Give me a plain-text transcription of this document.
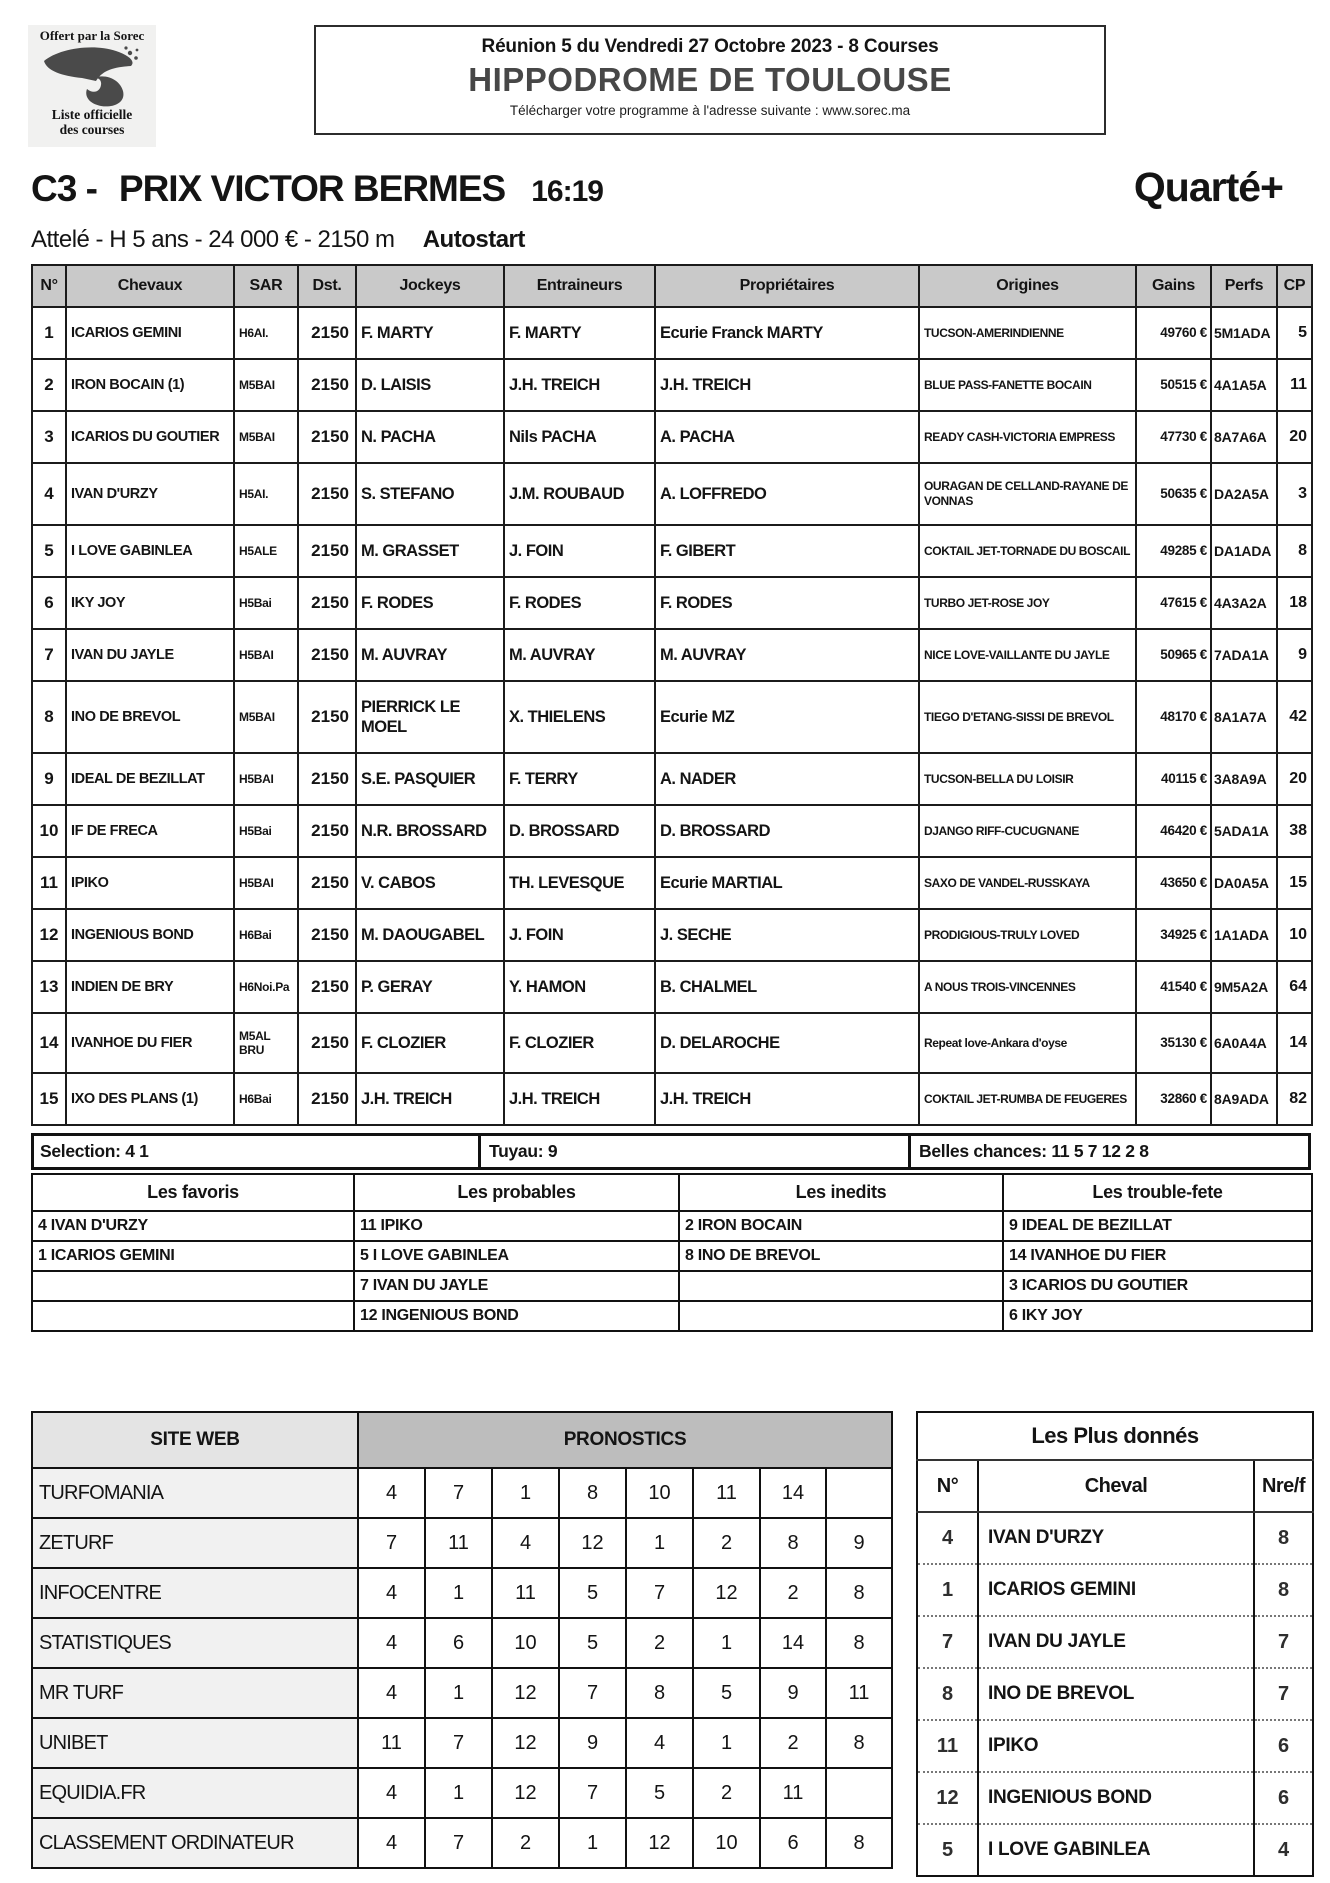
Offert par la Sorec
Liste officielle
des courses
Réunion 5 du Vendredi 27 Octobre 2023 - 8 Courses
HIPPODROME DE TOULOUSE
Télécharger votre programme à l'adresse suivante : www.sorec.ma
C3 - PRIX VICTOR BERMES 16:19	Quarté+
Attelé - H 5 ans - 24 000 € - 2150 m Autostart
N°	Chevaux	SAR	Dst.	Jockeys	Entraineurs	Propriétaires	Origines	Gains	Perfs	CP
1	ICARIOS GEMINI	H6AI.	2150	F. MARTY	F. MARTY	Ecurie Franck MARTY	TUCSON-AMERINDIENNE	49760 €	5M1ADA	5
2	IRON BOCAIN (1)	M5BAI	2150	D. LAISIS	J.H. TREICH	J.H. TREICH	BLUE PASS-FANETTE BOCAIN	50515 €	4A1A5A	11
3	ICARIOS DU GOUTIER	M5BAI	2150	N. PACHA	Nils PACHA	A. PACHA	READY CASH-VICTORIA EMPRESS	47730 €	8A7A6A	20
4	IVAN D'URZY	H5AI.	2150	S. STEFANO	J.M. ROUBAUD	A. LOFFREDO	OURAGAN DE CELLAND-RAYANE DE VONNAS	50635 €	DA2A5A	3
5	I LOVE GABINLEA	H5ALE	2150	M. GRASSET	J. FOIN	F. GIBERT	COKTAIL JET-TORNADE DU BOSCAIL	49285 €	DA1ADA	8
6	IKY JOY	H5Bai	2150	F. RODES	F. RODES	F. RODES	TURBO JET-ROSE JOY	47615 €	4A3A2A	18
7	IVAN DU JAYLE	H5BAI	2150	M. AUVRAY	M. AUVRAY	M. AUVRAY	NICE LOVE-VAILLANTE DU JAYLE	50965 €	7ADA1A	9
8	INO DE BREVOL	M5BAI	2150	PIERRICK LE MOEL	X. THIELENS	Ecurie MZ	TIEGO D'ETANG-SISSI DE BREVOL	48170 €	8A1A7A	42
9	IDEAL DE BEZILLAT	H5BAI	2150	S.E. PASQUIER	F. TERRY	A. NADER	TUCSON-BELLA DU LOISIR	40115 €	3A8A9A	20
10	IF DE FRECA	H5Bai	2150	N.R. BROSSARD	D. BROSSARD	D. BROSSARD	DJANGO RIFF-CUCUGNANE	46420 €	5ADA1A	38
11	IPIKO	H5BAI	2150	V. CABOS	TH. LEVESQUE	Ecurie MARTIAL	SAXO DE VANDEL-RUSSKAYA	43650 €	DA0A5A	15
12	INGENIOUS BOND	H6Bai	2150	M. DAOUGABEL	J. FOIN	J. SECHE	PRODIGIOUS-TRULY LOVED	34925 €	1A1ADA	10
13	INDIEN DE BRY	H6Noi.Pa	2150	P. GERAY	Y. HAMON	B. CHALMEL	A NOUS TROIS-VINCENNES	41540 €	9M5A2A	64
14	IVANHOE DU FIER	M5AL BRU	2150	F. CLOZIER	F. CLOZIER	D. DELAROCHE	Repeat love-Ankara d'oyse	35130 €	6A0A4A	14
15	IXO DES PLANS (1)	H6Bai	2150	J.H. TREICH	J.H. TREICH	J.H. TREICH	COKTAIL JET-RUMBA DE FEUGERES	32860 €	8A9ADA	82
Selection: 4 1	Tuyau: 9	Belles chances: 11 5 7 12 2 8
Les favoris	Les probables	Les inedits	Les trouble-fete
4 IVAN D'URZY	11 IPIKO	2 IRON BOCAIN	9 IDEAL DE BEZILLAT
1 ICARIOS GEMINI	5 I LOVE GABINLEA	8 INO DE BREVOL	14 IVANHOE DU FIER
	7 IVAN DU JAYLE		3 ICARIOS DU GOUTIER
	12 INGENIOUS BOND		6 IKY JOY
SITE WEB	PRONOSTICS							
TURFOMANIA	4	7	1	8	10	11	14	
ZETURF	7	11	4	12	1	2	8	9
INFOCENTRE	4	1	11	5	7	12	2	8
STATISTIQUES	4	6	10	5	2	1	14	8
MR TURF	4	1	12	7	8	5	9	11
UNIBET	11	7	12	9	4	1	2	8
EQUIDIA.FR	4	1	12	7	5	2	11	
CLASSEMENT ORDINATEUR	4	7	2	1	12	10	6	8
Les Plus donnés		
N°	Cheval	Nre/f
4	IVAN D'URZY	8
1	ICARIOS GEMINI	8
7	IVAN DU JAYLE	7
8	INO DE BREVOL	7
11	IPIKO	6
12	INGENIOUS BOND	6
5	I LOVE GABINLEA	4
